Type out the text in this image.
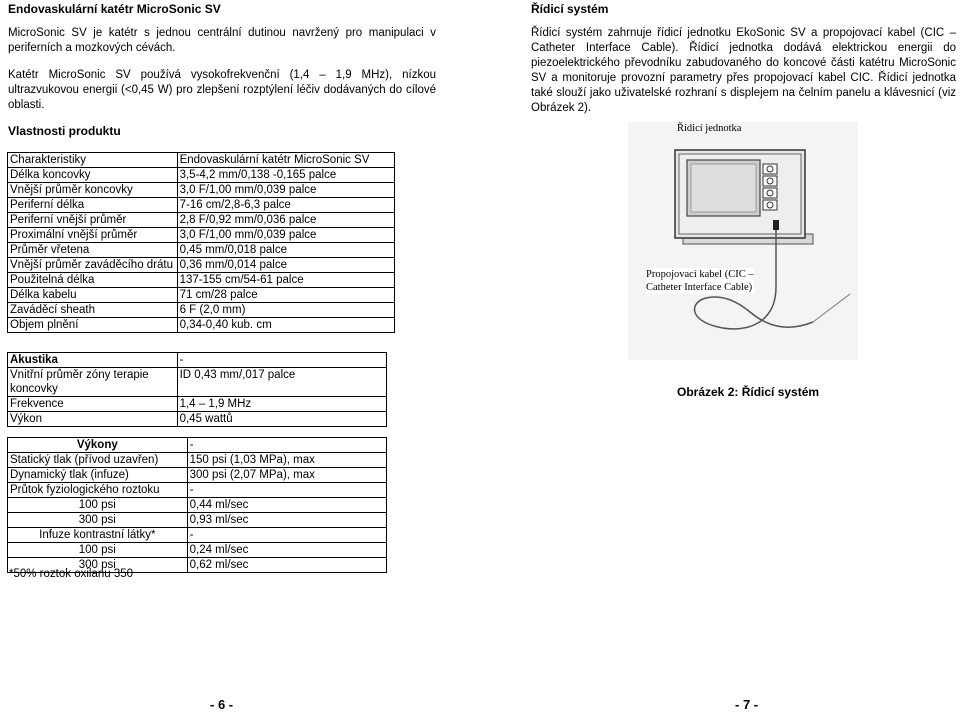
Endovaskulární katétr MicroSonic SV
MicroSonic SV je katétr s jednou centrální dutinou navržený pro manipulaci v periferních a mozkových cévách.
Katétr MicroSonic SV používá vysokofrekvenční (1,4 – 1,9 MHz), nízkou ultrazvukovou energii (<0,45 W) pro zlepšení rozptýlení léčiv dodávaných do cílové oblasti.
Vlastnosti produktu
Charakteristiky	Endovaskulární katétr MicroSonic SV
Délka koncovky	3,5-4,2 mm/0,138 -0,165 palce
Vnější průměr koncovky	3,0 F/1,00 mm/0,039 palce
Periferní délka	7-16 cm/2,8-6,3 palce
Periferní vnější průměr	2,8 F/0,92 mm/0,036 palce
Proximální vnější průměr	3,0 F/1,00 mm/0,039 palce
Průměr vřetena	0,45 mm/0,018 palce
Vnější průměr zaváděcího drátu	0,36 mm/0,014 palce
Použitelná délka	137-155 cm/54-61 palce
Délka kabelu	71 cm/28 palce
Zaváděcí sheath	6 F (2,0 mm)
Objem plnění	0,34-0,40 kub. cm
Akustika	-
Vnitřní průměr zóny terapie koncovky	ID 0,43 mm/,017 palce
Frekvence	1,4 – 1,9 MHz
Výkon	0,45 wattů
Výkony	-
Statický tlak (přívod uzavřen)	150 psi (1,03 MPa), max
Dynamický tlak (infuze)	300 psi (2,07 MPa), max
Průtok fyziologického roztoku	-
100 psi	0,44 ml/sec
300 psi	0,93 ml/sec
Infuze kontrastní látky*	-
100 psi	0,24 ml/sec
300 psi	0,62 ml/sec
*50% roztok oxilanu 350
- 6 -
Řídicí systém
Řídicí systém zahrnuje řídicí jednotku EkoSonic SV a propojovací kabel (CIC – Catheter Interface Cable). Řídicí jednotka dodává elektrickou energii do piezoelektrického převodníku zabudovaného do koncové části katétru MicroSonic SV a monitoruje provozní parametry přes propojovací kabel CIC. Řídicí jednotka také slouží jako uživatelské rozhraní s displejem na čelním panelu a klávesnicí (viz Obrázek 2).
Řídicí jednotka
Propojovací kabel (CIC –
Catheter Interface Cable)
Obrázek 2: Řídicí systém
- 7 -
